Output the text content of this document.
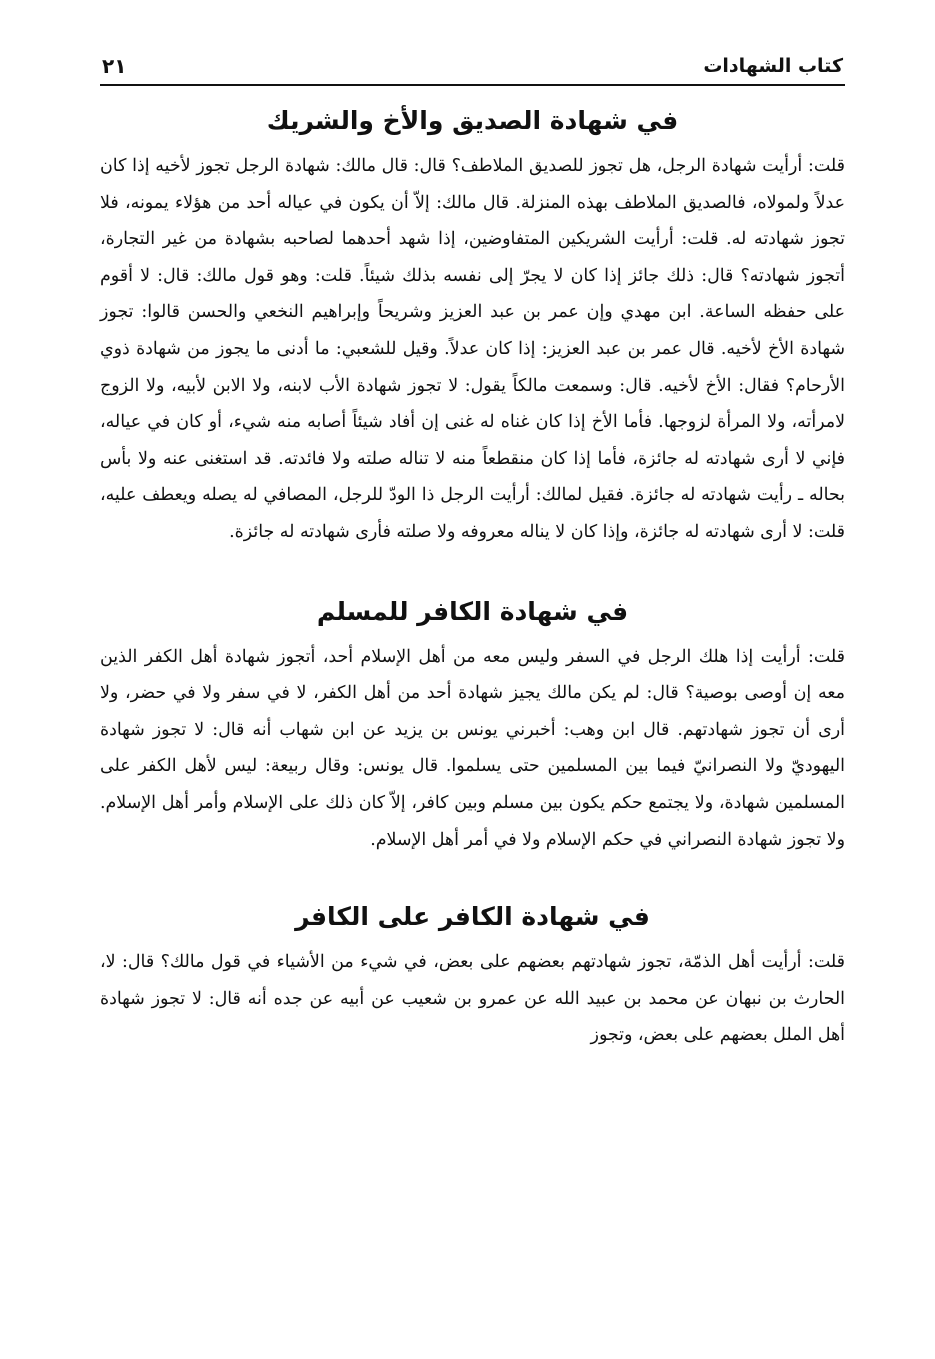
كتاب الشهادات
٢١
في شهادة الصديق والأخ والشريك

قلت: أرأيت شهادة الرجل، هل تجوز للصديق الملاطف؟ قال: قال مالك: شهادة الرجل تجوز لأخيه إذا كان عدلاً ولمولاه، فالصديق الملاطف بهذه المنزلة. قال مالك: إلاّ أن يكون في عياله أحد من هؤلاء يمونه، فلا تجوز شهادته له. قلت: أرأيت الشريكين المتفاوضين، إذا شهد أحدهما لصاحبه بشهادة من غير التجارة، أتجوز شهادته؟ قال: ذلك جائز إذا كان لا يجرّ إلى نفسه بذلك شيئاً. قلت: وهو قول مالك: قال: لا أقوم على حفظه الساعة. ابن مهدي وإن عمر بن عبد العزيز وشريحاً وإبراهيم النخعي والحسن قالوا: تجوز شهادة الأخ لأخيه. قال عمر بن عبد العزيز: إذا كان عدلاً. وقيل للشعبي: ما أدنى ما يجوز من شهادة ذوي الأرحام؟ فقال: الأخ لأخيه. قال: وسمعت مالكاً يقول: لا تجوز شهادة الأب لابنه، ولا الابن لأبيه، ولا الزوج لامرأته، ولا المرأة لزوجها. فأما الأخ إذا كان غناه له غنى إن أفاد شيئاً أصابه منه شيء، أو كان في عياله، فإني لا أرى شهادته له جائزة، فأما إذا كان منقطعاً منه لا تناله صلته ولا فائدته. قد استغنى عنه ولا بأس بحاله ـ رأيت شهادته له جائزة. فقيل لمالك: أرأيت الرجل ذا الودّ للرجل، المصافي له يصله ويعطف عليه، قلت: لا أرى شهادته له جائزة، وإذا كان لا يناله معروفه ولا صلته فأرى شهادته له جائزة.

في شهادة الكافر للمسلم

قلت: أرأيت إذا هلك الرجل في السفر وليس معه من أهل الإسلام أحد، أتجوز شهادة أهل الكفر الذين معه إن أوصى بوصية؟ قال: لم يكن مالك يجيز شهادة أحد من أهل الكفر، لا في سفر ولا في حضر، ولا أرى أن تجوز شهادتهم. قال ابن وهب: أخبرني يونس بن يزيد عن ابن شهاب أنه قال: لا تجوز شهادة اليهوديّ ولا النصرانيّ فيما بين المسلمين حتى يسلموا. قال يونس: وقال ربيعة: ليس لأهل الكفر على المسلمين شهادة، ولا يجتمع حكم يكون بين مسلم وبين كافر، إلاّ كان ذلك على الإسلام وأمر أهل الإسلام. ولا تجوز شهادة النصراني في حكم الإسلام ولا في أمر أهل الإسلام.

في شهادة الكافر على الكافر

قلت: أرأيت أهل الذمّة، تجوز شهادتهم بعضهم على بعض، في شيء من الأشياء في قول مالك؟ قال: لا، الحارث بن نبهان عن محمد بن عبيد الله عن عمرو بن شعيب عن أبيه عن جده أنه قال: لا تجوز شهادة أهل الملل بعضهم على بعض، وتجوز
